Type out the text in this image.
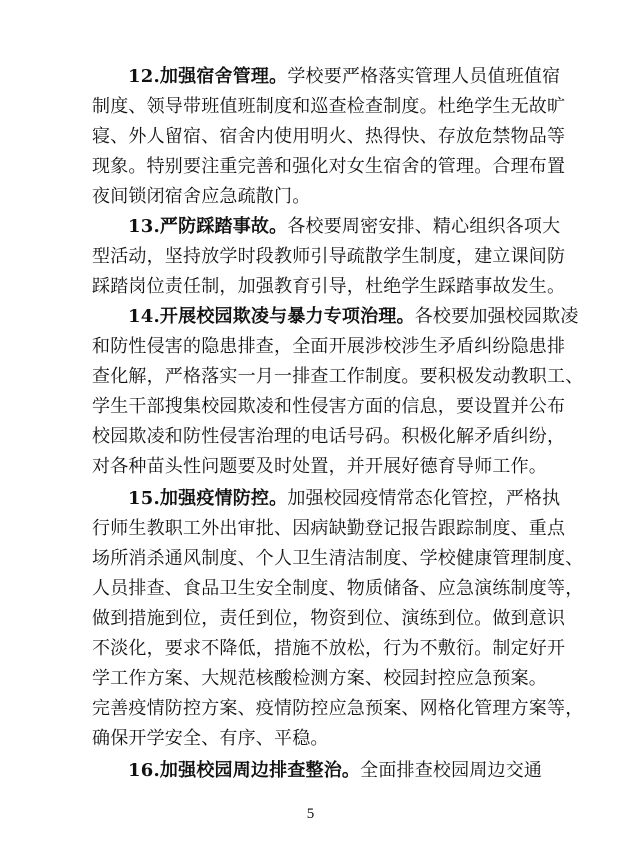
12.加强宿舍管理。学校要严格落实管理人员值班值宿
制度、领导带班值班制度和巡查检查制度。杜绝学生无故旷
寝、外人留宿、宿舍内使用明火、热得快、存放危禁物品等
现象。特别要注重完善和强化对女生宿舍的管理。合理布置
夜间锁闭宿舍应急疏散门。
13.严防踩踏事故。各校要周密安排、精心组织各项大
型活动，坚持放学时段教师引导疏散学生制度，建立课间防
踩踏岗位责任制，加强教育引导，杜绝学生踩踏事故发生。
14.开展校园欺凌与暴力专项治理。各校要加强校园欺凌
和防性侵害的隐患排查，全面开展涉校涉生矛盾纠纷隐患排
查化解，严格落实一月一排查工作制度。要积极发动教职工、
学生干部搜集校园欺凌和性侵害方面的信息，要设置并公布
校园欺凌和防性侵害治理的电话号码。积极化解矛盾纠纷，
对各种苗头性问题要及时处置，并开展好德育导师工作。
15.加强疫情防控。加强校园疫情常态化管控，严格执
行师生教职工外出审批、因病缺勤登记报告跟踪制度、重点
场所消杀通风制度、个人卫生清洁制度、学校健康管理制度、
人员排查、食品卫生安全制度、物质储备、应急演练制度等，
做到措施到位，责任到位，物资到位、演练到位。做到意识
不淡化，要求不降低，措施不放松，行为不敷衍。制定好开
学工作方案、大规范核酸检测方案、校园封控应急预案。
完善疫情防控方案、疫情防控应急预案、网格化管理方案等，
确保开学安全、有序、平稳。
16.加强校园周边排查整治。全面排查校园周边交通
5
